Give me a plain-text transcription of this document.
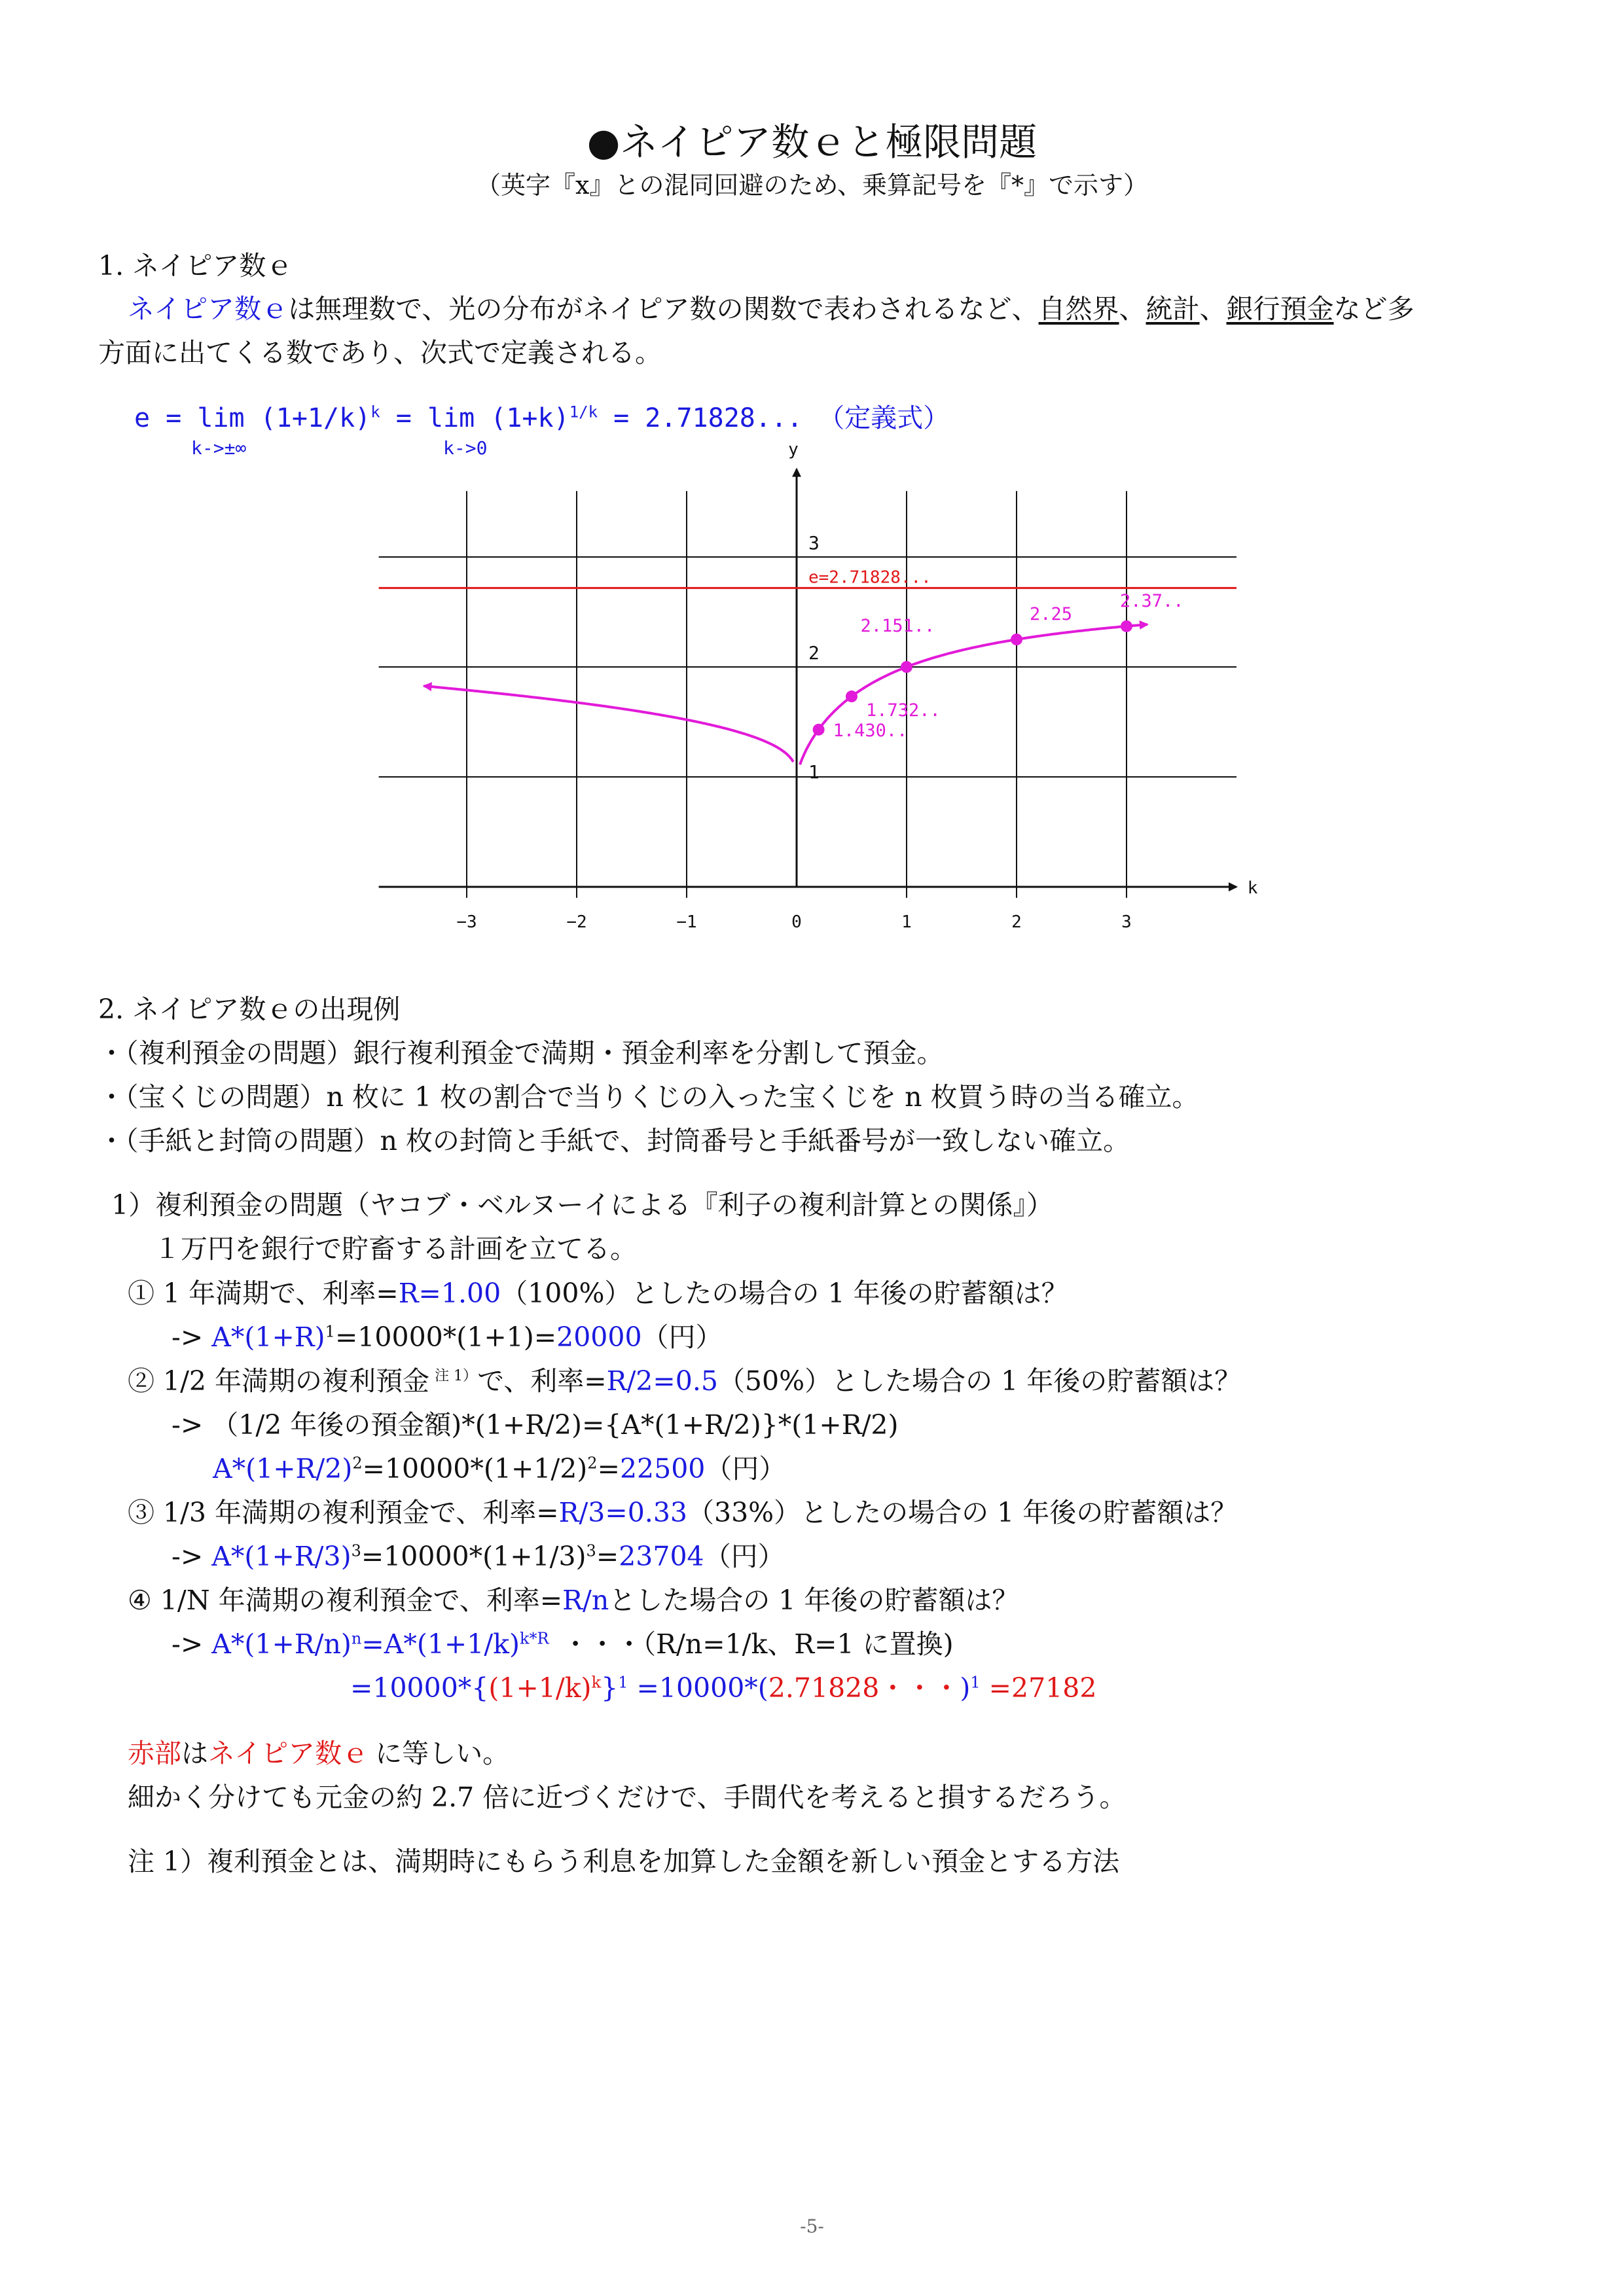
●ネイピア数ｅと極限問題
（英字『x』との混同回避のため、乗算記号を『*』で示す）
1. ネイピア数ｅ
ネイピア数ｅは無理数で、光の分布がネイピア数の関数で表わされるなど、自然界、統計、銀行預金など多
方面に出てくる数であり、次式で定義される。
$e = \lim (1+1/k)^k = \lim (1+k)^{1/k} = 2.71828$... （定義式）
k->±∞	k->0	y
k
−3	−2	−1	0	1	2	3
1
2
3
e=2.71828...
1.430..
1.732..
2.25
2.37..
2.151..
2. ネイピア数ｅの出現例
・（複利預金の問題）銀行複利預金で満期・預金利率を分割して預金。
・（宝くじの問題）n 枚に 1 枚の割合で当りくじの入った宝くじを n 枚買う時の当る確立。
・（手紙と封筒の問題）n 枚の封筒と手紙で、封筒番号と手紙番号が一致しない確立。
1）複利預金の問題（ヤコブ・ベルヌーイによる『利子の複利計算との関係』）
１万円を銀行で貯畜する計画を立てる。
① 1 年満期で、利率=R=1.00（100%）としたの場合の 1 年後の貯蓄額は？
-> $A*(1+R)^1=10000*(1+1)=20000$（円）
② 1/2 年満期の複利預金 $^{注 1)}$で、利率=R/2=0.5（50%）とした場合の 1 年後の貯蓄額は？
-> （1/2 年後の預金額)*(1+R/2)={A*(1+R/2)}*(1+R/2)
$A*(1+R/2)^2=10000*(1+1/2)^2=22500$（円）
③ 1/3 年満期の複利預金で、利率=R/3=0.33（33%）としたの場合の 1 年後の貯蓄額は？
-> $A*(1+R/3)^3=10000*(1+1/3)^3=23704$（円）
④ 1/N 年満期の複利預金で、利率=R/nとした場合の 1 年後の貯蓄額は？
-> $A*(1+R/n)^n=A*(1+1/k)^{k*R}$ ・・・（R/n=1/k、R=1 に置換)
$=10000*\{(1+1/k)^k\}^1 =10000*(2.71828$・・・)$^1$ =27182
赤部はネイピア数ｅ に等しい。
細かく分けても元金の約 2.7 倍に近づくだけで、手間代を考えると損するだろう。
注 1）複利預金とは、満期時にもらう利息を加算した金額を新しい預金とする方法
-5-
